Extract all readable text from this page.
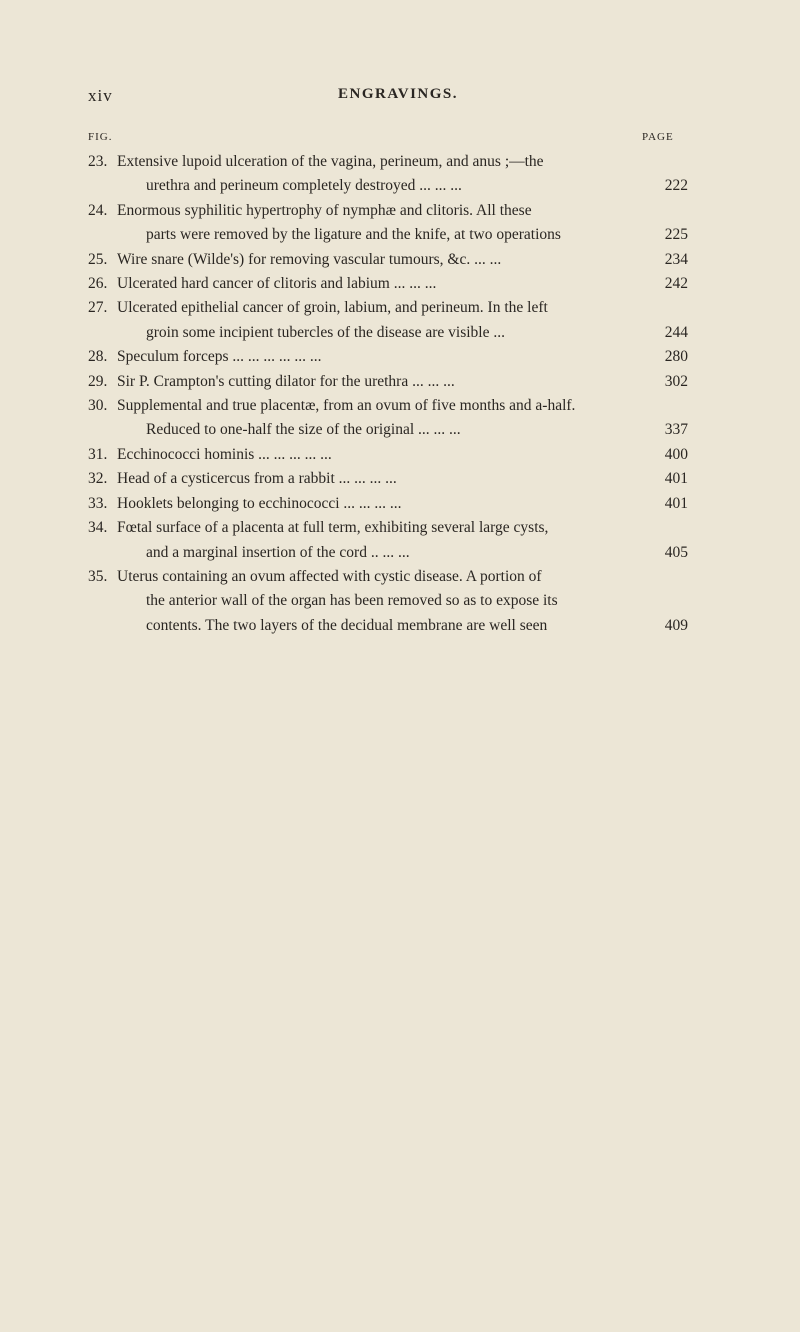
xiv	ENGRAVINGS.
FIG.	PAGE
23. Extensive lupoid ulceration of the vagina, perineum, and anus ;—the
urethra and perineum completely destroyed ... ... ...	222
24. Enormous syphilitic hypertrophy of nymphæ and clitoris. All these
parts were removed by the ligature and the knife, at two operations	225
25. Wire snare (Wilde's) for removing vascular tumours, &c. ... ...	234
26. Ulcerated hard cancer of clitoris and labium ... ... ...	242
27. Ulcerated epithelial cancer of groin, labium, and perineum. In the left
groin some incipient tubercles of the disease are visible ...	244
28. Speculum forceps ... ... ... ... ... ...	280
29. Sir P. Crampton's cutting dilator for the urethra ... ... ...	302
30. Supplemental and true placentæ, from an ovum of five months and a-half.
Reduced to one-half the size of the original ... ... ...	337
31. Ecchinococci hominis ... ... ... ... ...	400
32. Head of a cysticercus from a rabbit ... ... ... ...	401
33. Hooklets belonging to ecchinococci ... ... ... ...	401
34. Fœtal surface of a placenta at full term, exhibiting several large cysts,
and a marginal insertion of the cord .. ... ...	405
35. Uterus containing an ovum affected with cystic disease. A portion of
the anterior wall of the organ has been removed so as to expose its
contents. The two layers of the decidual membrane are well seen	409
